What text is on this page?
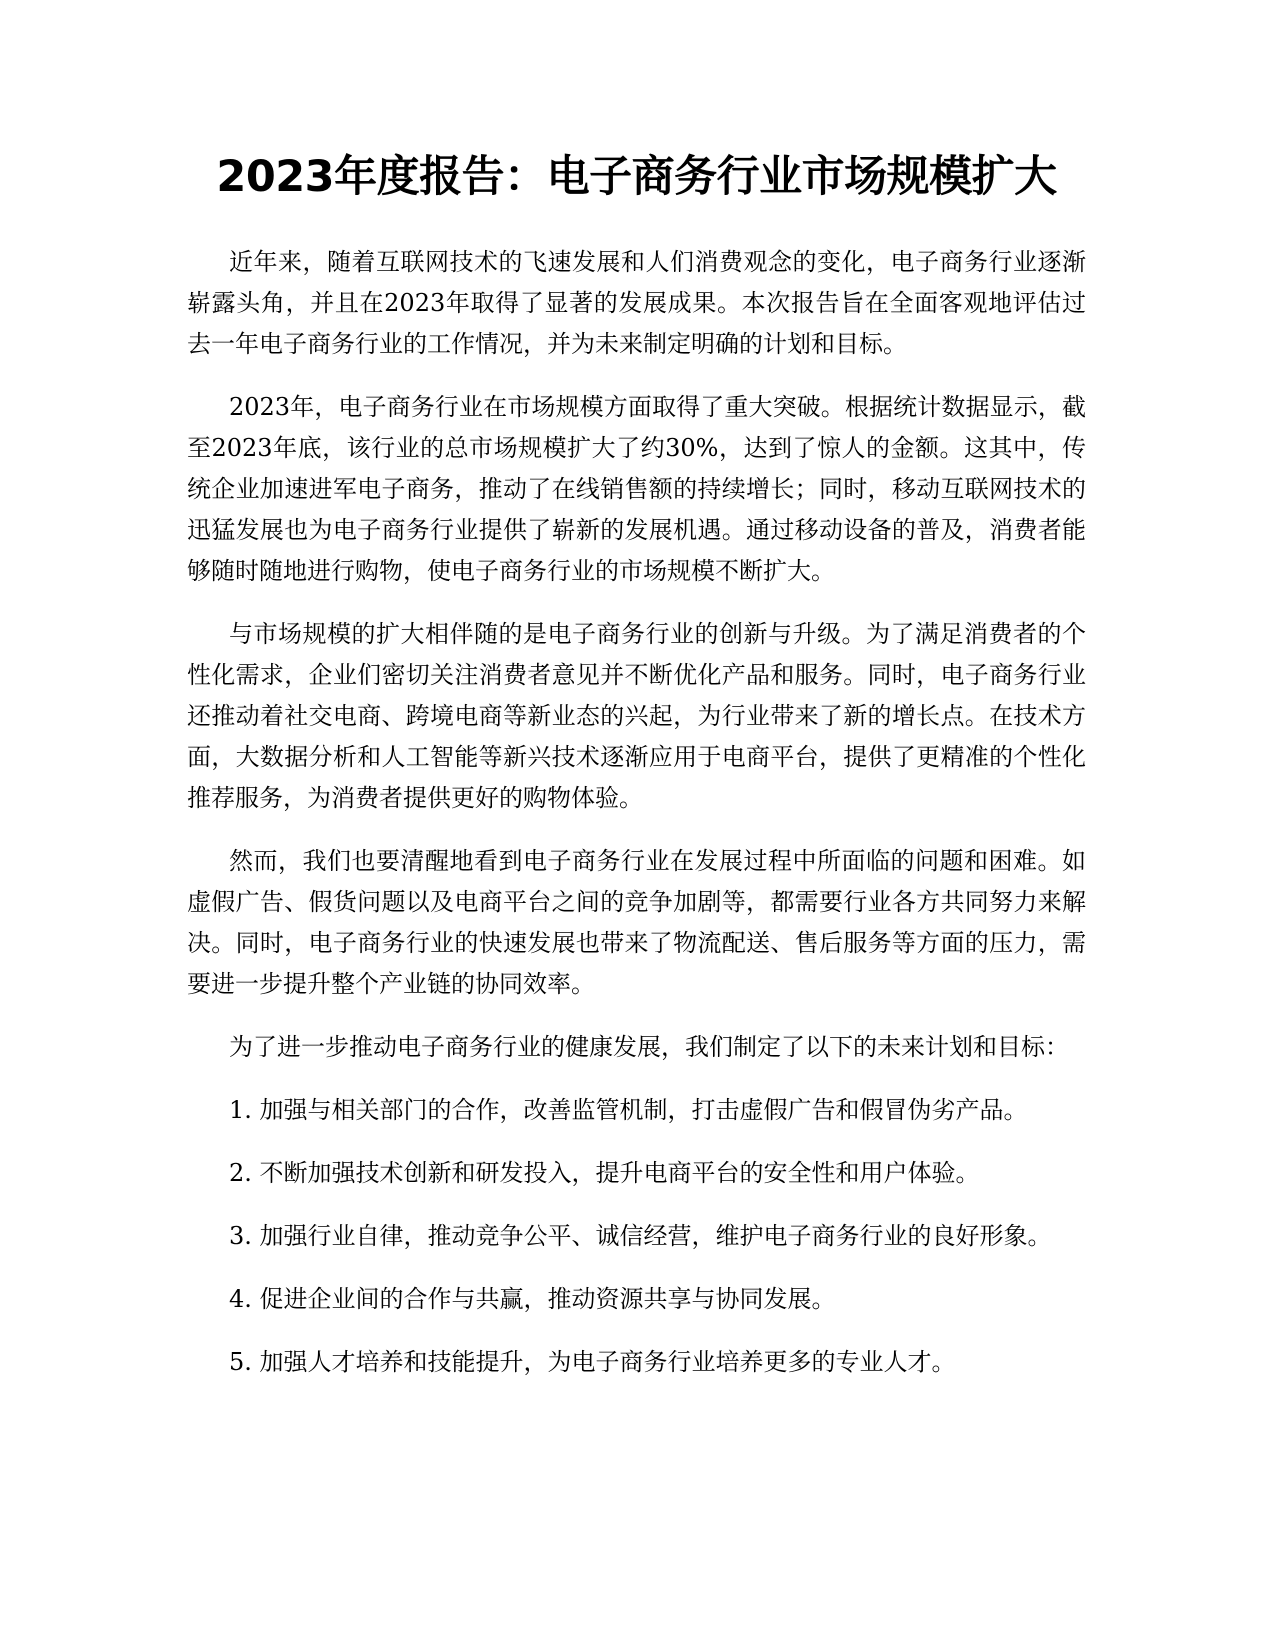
2023年度报告：电子商务行业市场规模扩大

近年来，随着互联网技术的飞速发展和人们消费观念的变化，电子商务行业逐渐崭露头角，并且在2023年取得了显著的发展成果。本次报告旨在全面客观地评估过去一年电子商务行业的工作情况，并为未来制定明确的计划和目标。

2023年，电子商务行业在市场规模方面取得了重大突破。根据统计数据显示，截至2023年底，该行业的总市场规模扩大了约30%，达到了惊人的金额。这其中，传统企业加速进军电子商务，推动了在线销售额的持续增长；同时，移动互联网技术的迅猛发展也为电子商务行业提供了崭新的发展机遇。通过移动设备的普及，消费者能够随时随地进行购物，使电子商务行业的市场规模不断扩大。

与市场规模的扩大相伴随的是电子商务行业的创新与升级。为了满足消费者的个性化需求，企业们密切关注消费者意见并不断优化产品和服务。同时，电子商务行业还推动着社交电商、跨境电商等新业态的兴起，为行业带来了新的增长点。在技术方面，大数据分析和人工智能等新兴技术逐渐应用于电商平台，提供了更精准的个性化推荐服务，为消费者提供更好的购物体验。

然而，我们也要清醒地看到电子商务行业在发展过程中所面临的问题和困难。如虚假广告、假货问题以及电商平台之间的竞争加剧等，都需要行业各方共同努力来解决。同时，电子商务行业的快速发展也带来了物流配送、售后服务等方面的压力，需要进一步提升整个产业链的协同效率。

为了进一步推动电子商务行业的健康发展，我们制定了以下的未来计划和目标：

1. 加强与相关部门的合作，改善监管机制，打击虚假广告和假冒伪劣产品。

2. 不断加强技术创新和研发投入，提升电商平台的安全性和用户体验。

3. 加强行业自律，推动竞争公平、诚信经营，维护电子商务行业的良好形象。

4. 促进企业间的合作与共赢，推动资源共享与协同发展。

5. 加强人才培养和技能提升，为电子商务行业培养更多的专业人才。
